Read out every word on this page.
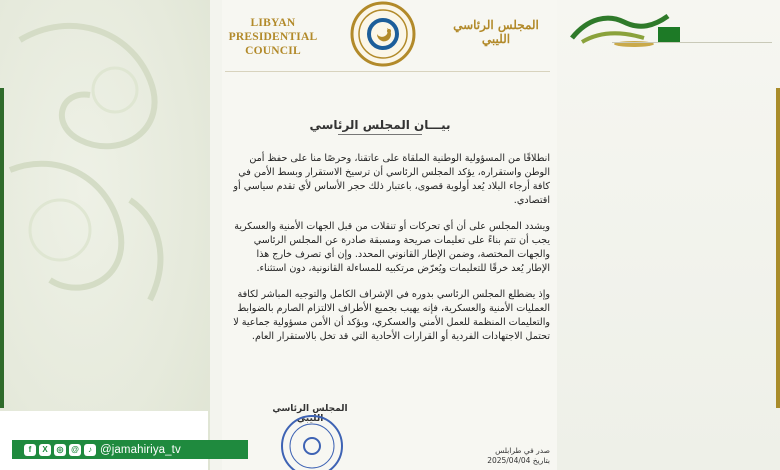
LIBYAN PRESIDENTIAL COUNCIL
المجلس الرئاسي الليبي
بيـــان المجلس الرئاسي

انطلاقًا من المسؤولية الوطنية الملقاة على عاتقنا، وحرصًا منا على حفظ أمن الوطن واستقراره، يؤكد المجلس الرئاسي أن ترسيخ الاستقرار وبسط الأمن في كافة أرجاء البلاد يُعد أولوية قصوى، باعتبار ذلك حجر الأساس لأي تقدم سياسي أو اقتصادي.

ويشدد المجلس على أن أي تحركات أو تنقلات من قبل الجهات الأمنية والعسكرية يجب أن تتم بناءً على تعليمات صريحة ومسبقة صادرة عن المجلس الرئاسي والجهات المختصة، وضمن الإطار القانوني المحدد. وإن أي تصرف خارج هذا الإطار يُعد خرقًا للتعليمات ويُعرّض مرتكبيه للمساءلة القانونية، دون استثناء.

وإذ يضطلع المجلس الرئاسي بدوره في الإشراف الكامل والتوجيه المباشر لكافة العمليات الأمنية والعسكرية، فإنه يهيب بجميع الأطراف الالتزام الصارم بالضوابط والتعليمات المنظمة للعمل الأمني والعسكري، ويؤكد أن الأمن مسؤولية جماعية لا تحتمل الاجتهادات الفردية أو القرارات الأحادية التي قد تخل بالاستقرار العام.

المجلس الرئاسي الليبي
صدر في طرابلس
بتاريخ 2025/04/04
f	X	◎ @	♪ @jamahiriya_tv
